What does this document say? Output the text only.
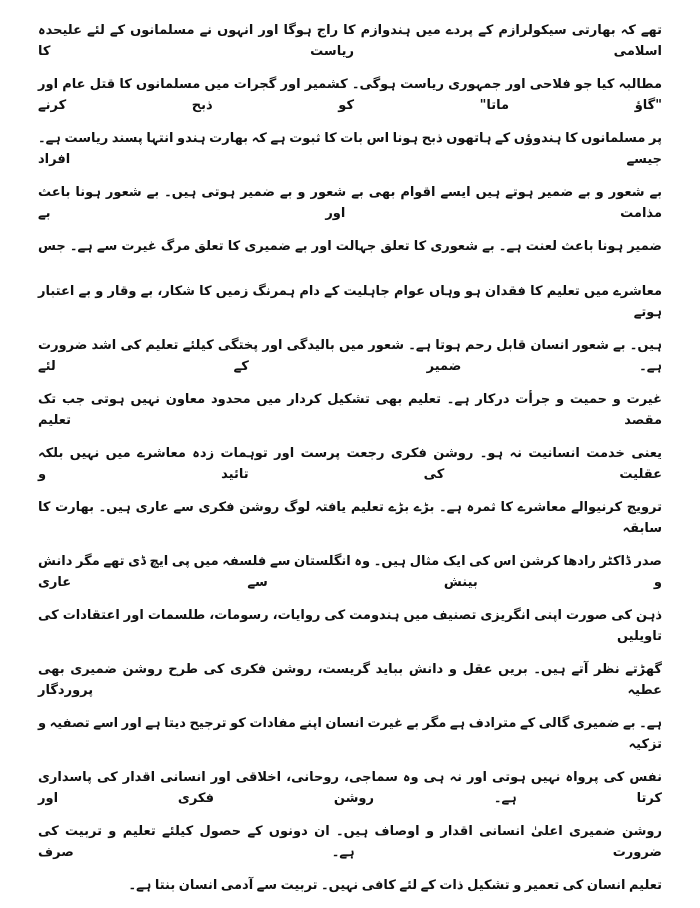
تھے کہ بھارتی سیکولرازم کے پردے میں ہندوازم کا راج ہوگا اور انہوں نے مسلمانوں کے لئے علیحدہ اسلامی ریاست کا
مطالبہ کیا جو فلاحی اور جمہوری ریاست ہوگی۔ کشمیر اور گجرات میں مسلمانوں کا قتل عام اور "گاؤ ماتا" کو ذبح کرنے
پر مسلمانوں کا ہندوؤں کے ہاتھوں ذبح ہونا اس بات کا ثبوت ہے کہ بھارت ہندو انتہا پسند ریاست ہے۔ جیسے افراد
بے شعور و بے ضمیر ہوتے ہیں ایسے اقوام بھی بے شعور و بے ضمیر ہوتی ہیں۔ بے شعور ہونا باعث مذامت اور بے
ضمیر ہونا باعث لعنت ہے۔ بے شعوری کا تعلق جہالت اور بے ضمیری کا تعلق مرگ غیرت سے ہے۔ جس
معاشرے میں تعلیم کا فقدان ہو وہاں عوام جاہلیت کے دام ہمرنگ زمیں کا شکار، بے وقار و بے اعتبار ہوتے
ہیں۔ بے شعور انسان قابل رحم ہوتا ہے۔ شعور میں بالیدگی اور پختگی کیلئے تعلیم کی اشد ضرورت ہے۔ ضمیر کے لئے
غیرت و حمیت و جرأت درکار ہے۔ تعلیم بھی تشکیل کردار میں محدود معاون نہیں ہوتی جب تک مقصد تعلیم
یعنی خدمت انسانیت نہ ہو۔ روشن فکری رجعت پرست اور توہمات زدہ معاشرے میں نہیں بلکہ عقلیت کی تائید و
ترویج کرنیوالے معاشرے کا ثمرہ ہے۔ بڑے بڑے تعلیم یافتہ لوگ روشن فکری سے عاری ہیں۔ بھارت کا سابقہ
صدر ڈاکٹر رادھا کرشن اس کی ایک مثال ہیں۔ وہ انگلستان سے فلسفہ میں پی ایچ ڈی تھے مگر دانش و بینش سے عاری
ذہن کی صورت اپنی انگریزی تصنیف میں ہندومت کی روایات، رسومات، طلسمات اور اعتقادات کی تاویلیں
گھڑتے نظر آتے ہیں۔ بریں عقل و دانش بباید گریست، روشن فکری کی طرح روشن ضمیری بھی عطیہ پروردگار
ہے۔ بے ضمیری گالی کے مترادف ہے مگر بے غیرت انسان اپنے مفادات کو ترجیح دیتا ہے اور اسے تصفیہ و تزکیہ
نفس کی پرواہ نہیں ہوتی اور نہ ہی وہ سماجی، روحانی، اخلاقی اور انسانی اقدار کی پاسداری کرتا ہے۔ روشن فکری اور
روشن ضمیری اعلیٰ انسانی اقدار و اوصاف ہیں۔ ان دونوں کے حصول کیلئے تعلیم و تربیت کی ضرورت ہے۔ صرف
تعلیم انسان کی تعمیر و تشکیل ذات کے لئے کافی نہیں۔ تربیت سے آدمی انسان بنتا ہے۔
